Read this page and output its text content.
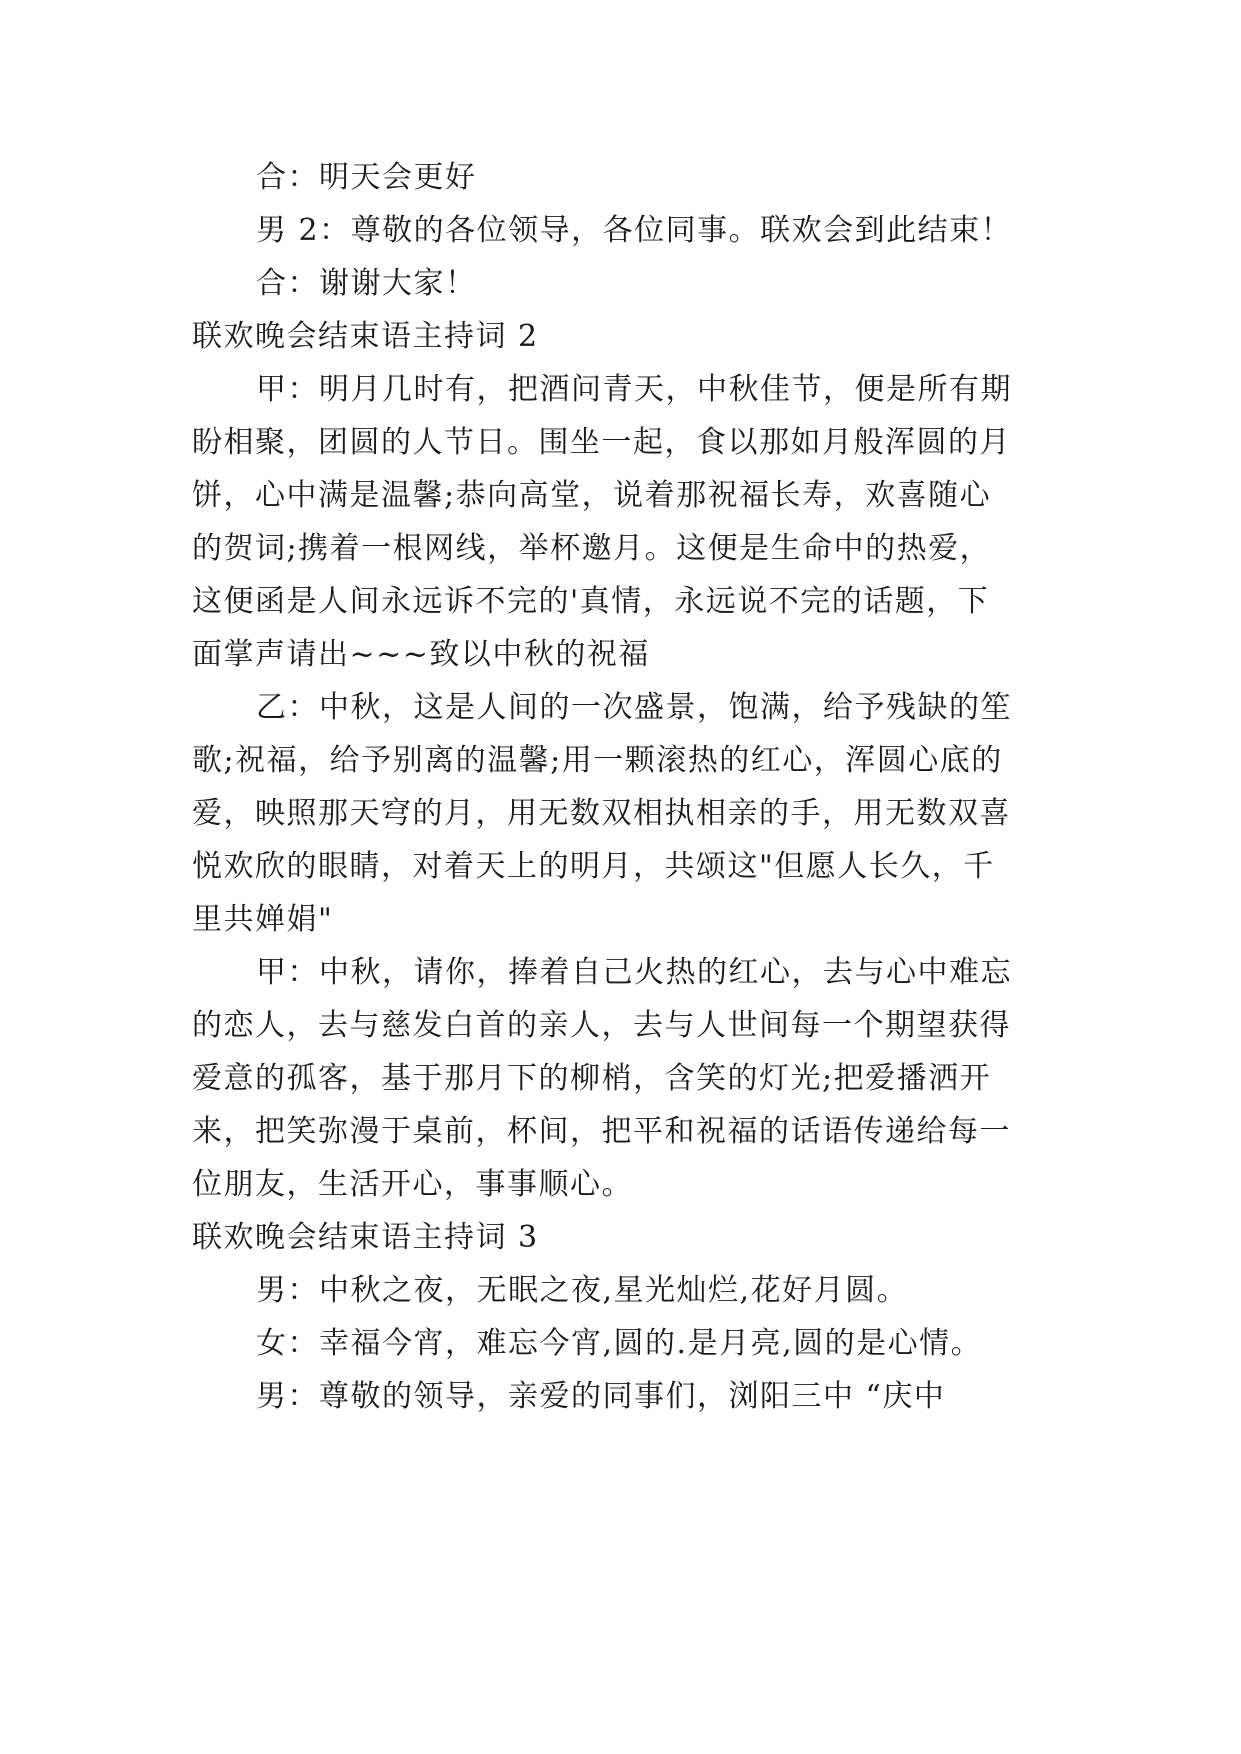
合：明天会更好
男 2：尊敬的各位领导，各位同事。联欢会到此结束！
合：谢谢大家！
联欢晚会结束语主持词 2
甲：明月几时有，把酒问青天，中秋佳节，便是所有期
盼相聚，团圆的人节日。围坐一起，食以那如月般浑圆的月
饼，心中满是温馨;恭向高堂，说着那祝福长寿，欢喜随心
的贺词;携着一根网线，举杯邀月。这便是生命中的热爱，
这便函是人间永远诉不完的'真情，永远说不完的话题，下
面掌声请出~~~致以中秋的祝福
乙：中秋，这是人间的一次盛景，饱满，给予残缺的笙
歌;祝福，给予别离的温馨;用一颗滚热的红心，浑圆心底的
爱，映照那天穹的月，用无数双相执相亲的手，用无数双喜
悦欢欣的眼睛，对着天上的明月，共颂这"但愿人长久，千
里共婵娟"
甲：中秋，请你，捧着自己火热的红心，去与心中难忘
的恋人，去与慈发白首的亲人，去与人世间每一个期望获得
爱意的孤客，基于那月下的柳梢，含笑的灯光;把爱播洒开
来，把笑弥漫于桌前，杯间，把平和祝福的话语传递给每一
位朋友，生活开心，事事顺心。
联欢晚会结束语主持词 3
男：中秋之夜，无眠之夜,星光灿烂,花好月圆。
女：幸福今宵，难忘今宵,圆的.是月亮,圆的是心情。
男：尊敬的领导，亲爱的同事们，浏阳三中 “庆中
